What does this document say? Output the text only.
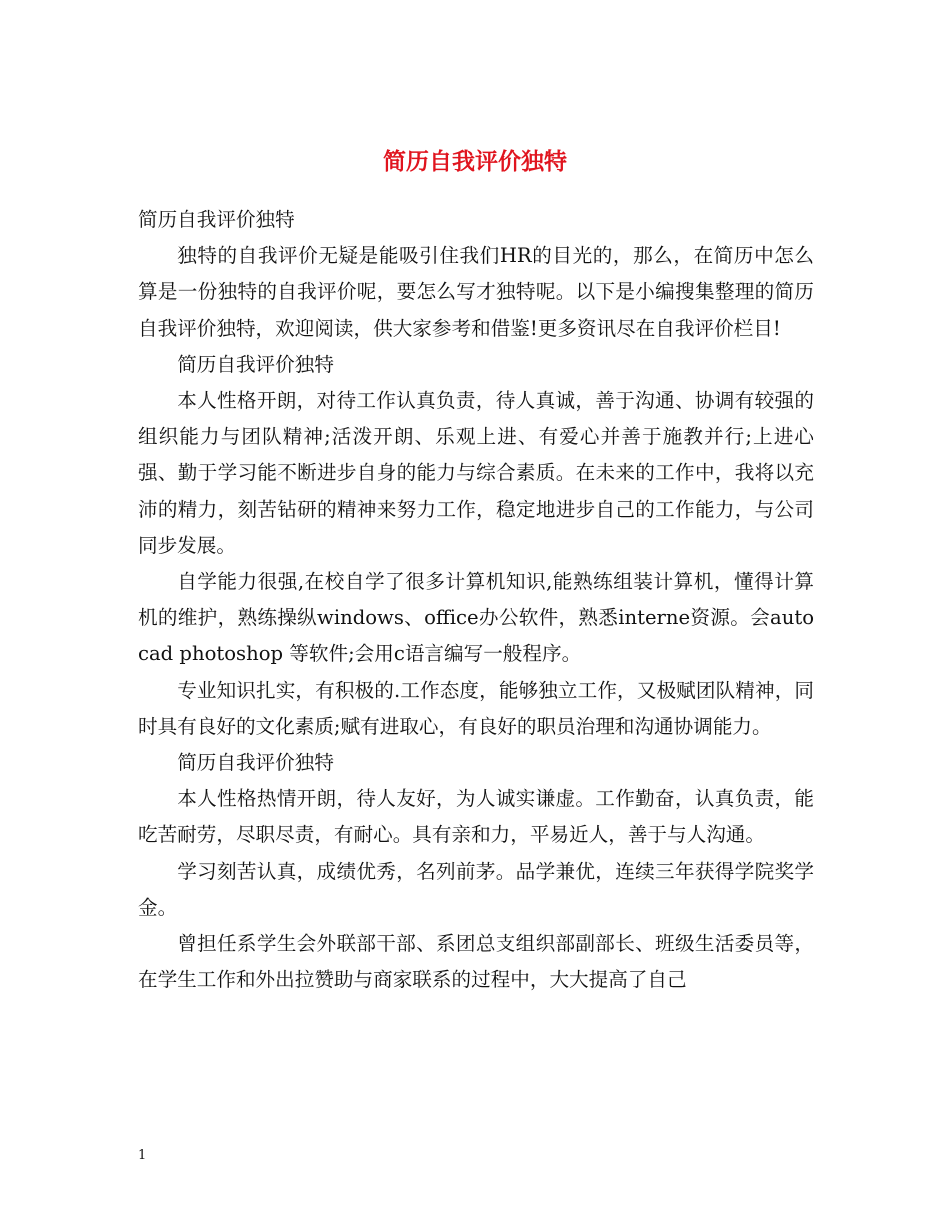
简历自我评价独特

简历自我评价独特

独特的自我评价无疑是能吸引住我们HR的目光的，那么，在简历中怎么算是一份独特的自我评价呢，要怎么写才独特呢。以下是小编搜集整理的简历自我评价独特，欢迎阅读，供大家参考和借鉴!更多资讯尽在自我评价栏目!

简历自我评价独特

本人性格开朗，对待工作认真负责，待人真诚，善于沟通、协调有较强的组织能力与团队精神;活泼开朗、乐观上进、有爱心并善于施教并行;上进心强、勤于学习能不断进步自身的能力与综合素质。在未来的工作中，我将以充沛的精力，刻苦钻研的精神来努力工作，稳定地进步自己的工作能力，与公司同步发展。

自学能力很强,在校自学了很多计算机知识,能熟练组装计算机，懂得计算机的维护，熟练操纵windows、office办公软件，熟悉interne资源。会auto cad photoshop 等软件;会用c语言编写一般程序。

专业知识扎实，有积极的.工作态度，能够独立工作，又极赋团队精神，同时具有良好的文化素质;赋有进取心，有良好的职员治理和沟通协调能力。

简历自我评价独特

本人性格热情开朗，待人友好，为人诚实谦虚。工作勤奋，认真负责，能吃苦耐劳，尽职尽责，有耐心。具有亲和力，平易近人，善于与人沟通。

学习刻苦认真，成绩优秀，名列前茅。品学兼优，连续三年获得学院奖学金。

曾担任系学生会外联部干部、系团总支组织部副部长、班级生活委员等，在学生工作和外出拉赞助与商家联系的过程中，大大提高了自己

1
